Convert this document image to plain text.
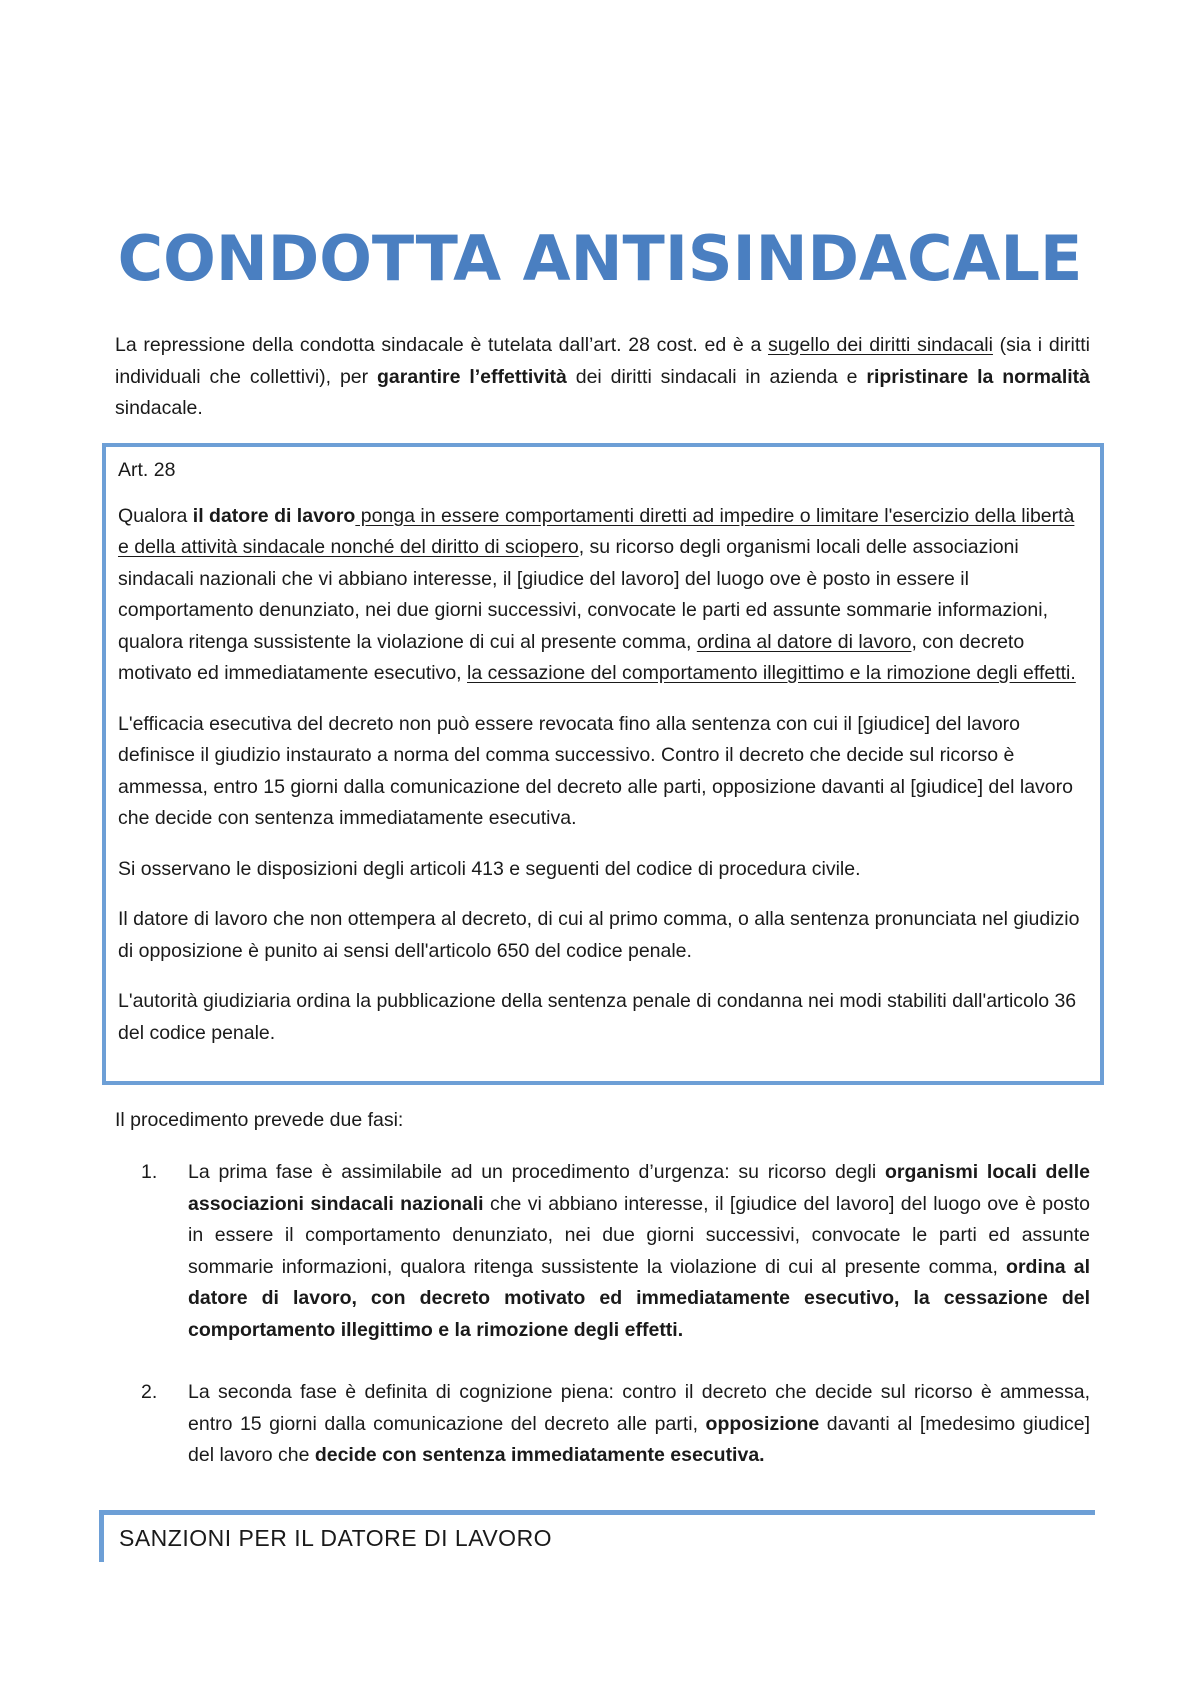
CONDOTTA ANTISINDACALE
La repressione della condotta sindacale è tutelata dall’art. 28 cost. ed è a sugello dei diritti sindacali (sia i diritti individuali che collettivi), per garantire l’effettività dei diritti sindacali in azienda e ripristinare la normalità sindacale.

Art. 28

Qualora il datore di lavoro ponga in essere comportamenti diretti ad impedire o limitare l'esercizio della libertà e della attività sindacale nonché del diritto di sciopero, su ricorso degli organismi locali delle associazioni sindacali nazionali che vi abbiano interesse, il [giudice del lavoro] del luogo ove è posto in essere il comportamento denunziato, nei due giorni successivi, convocate le parti ed assunte sommarie informazioni, qualora ritenga sussistente la violazione di cui al presente comma, ordina al datore di lavoro, con decreto motivato ed immediatamente esecutivo, la cessazione del comportamento illegittimo e la rimozione degli effetti.

L'efficacia esecutiva del decreto non può essere revocata fino alla sentenza con cui il [giudice] del lavoro definisce il giudizio instaurato a norma del comma successivo. Contro il decreto che decide sul ricorso è ammessa, entro 15 giorni dalla comunicazione del decreto alle parti, opposizione davanti al [giudice] del lavoro che decide con sentenza immediatamente esecutiva.

Si osservano le disposizioni degli articoli 413 e seguenti del codice di procedura civile.

Il datore di lavoro che non ottempera al decreto, di cui al primo comma, o alla sentenza pronunciata nel giudizio di opposizione è punito ai sensi dell'articolo 650 del codice penale.

L'autorità giudiziaria ordina la pubblicazione della sentenza penale di condanna nei modi stabiliti dall'articolo 36 del codice penale.

Il procedimento prevede due fasi:
1.	La prima fase è assimilabile ad un procedimento d’urgenza: su ricorso degli organismi locali delle associazioni sindacali nazionali che vi abbiano interesse, il [giudice del lavoro] del luogo ove è posto in essere il comportamento denunziato, nei due giorni successivi, convocate le parti ed assunte sommarie informazioni, qualora ritenga sussistente la violazione di cui al presente comma, ordina al datore di lavoro, con decreto motivato ed immediatamente esecutivo, la cessazione del comportamento illegittimo e la rimozione degli effetti.
2.	La seconda fase è definita di cognizione piena: contro il decreto che decide sul ricorso è ammessa, entro 15 giorni dalla comunicazione del decreto alle parti, opposizione davanti al [medesimo giudice] del lavoro che decide con sentenza immediatamente esecutiva.
SANZIONI PER IL DATORE DI LAVORO
